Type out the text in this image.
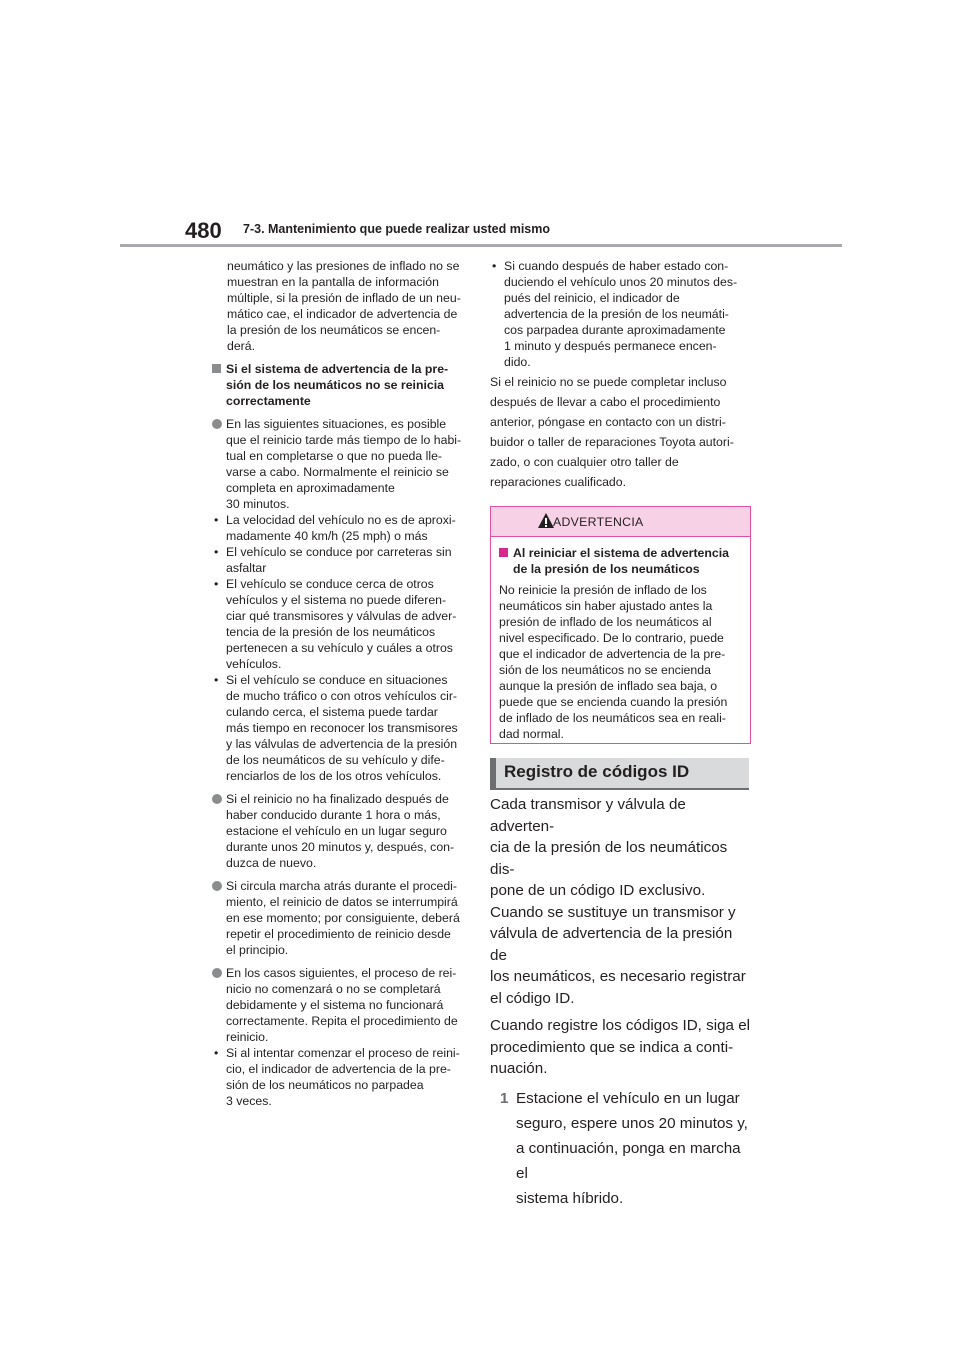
480 7-3. Mantenimiento que puede realizar usted mismo
neumático y las presiones de inflado no se
muestran en la pantalla de información
múltiple, si la presión de inflado de un neu-
mático cae, el indicador de advertencia de
la presión de los neumáticos se encen-
derá.
Si el sistema de advertencia de la pre-
sión de los neumáticos no se reinicia
correctamente
En las siguientes situaciones, es posible
que el reinicio tarde más tiempo de lo habi-
tual en completarse o que no pueda lle-
varse a cabo. Normalmente el reinicio se
completa en aproximadamente
30 minutos.
• La velocidad del vehículo no es de aproxi-
madamente 40 km/h (25 mph) o más
• El vehículo se conduce por carreteras sin
asfaltar
• El vehículo se conduce cerca de otros
vehículos y el sistema no puede diferen-
ciar qué transmisores y válvulas de adver-
tencia de la presión de los neumáticos
pertenecen a su vehículo y cuáles a otros
vehículos.
• Si el vehículo se conduce en situaciones
de mucho tráfico o con otros vehículos cir-
culando cerca, el sistema puede tardar
más tiempo en reconocer los transmisores
y las válvulas de advertencia de la presión
de los neumáticos de su vehículo y dife-
renciarlos de los de los otros vehículos.
Si el reinicio no ha finalizado después de
haber conducido durante 1 hora o más,
estacione el vehículo en un lugar seguro
durante unos 20 minutos y, después, con-
duzca de nuevo.
Si circula marcha atrás durante el procedi-
miento, el reinicio de datos se interrumpirá
en ese momento; por consiguiente, deberá
repetir el procedimiento de reinicio desde
el principio.
En los casos siguientes, el proceso de rei-
nicio no comenzará o no se completará
debidamente y el sistema no funcionará
correctamente. Repita el procedimiento de
reinicio.
• Si al intentar comenzar el proceso de reini-
cio, el indicador de advertencia de la pre-
sión de los neumáticos no parpadea
3 veces.
• Si cuando después de haber estado con-
duciendo el vehículo unos 20 minutos des-
pués del reinicio, el indicador de
advertencia de la presión de los neumáti-
cos parpadea durante aproximadamente
1 minuto y después permanece encen-
dido.
Si el reinicio no se puede completar incluso
después de llevar a cabo el procedimiento
anterior, póngase en contacto con un distri-
buidor o taller de reparaciones Toyota autori-
zado, o con cualquier otro taller de
reparaciones cualificado.
ADVERTENCIA
Al reiniciar el sistema de advertencia
de la presión de los neumáticos
No reinicie la presión de inflado de los
neumáticos sin haber ajustado antes la
presión de inflado de los neumáticos al
nivel especificado. De lo contrario, puede
que el indicador de advertencia de la pre-
sión de los neumáticos no se encienda
aunque la presión de inflado sea baja, o
puede que se encienda cuando la presión
de inflado de los neumáticos sea en reali-
dad normal.
Registro de códigos ID

Cada transmisor y válvula de adverten-

cia de la presión de los neumáticos dis-

pone de un código ID exclusivo.

Cuando se sustituye un transmisor y

válvula de advertencia de la presión de

los neumáticos, es necesario registrar

el código ID.

Cuando registre los códigos ID, siga el

procedimiento que se indica a conti-

nuación.

1 Estacione el vehículo en un lugar

seguro, espere unos 20 minutos y,

a continuación, ponga en marcha el

sistema híbrido.
